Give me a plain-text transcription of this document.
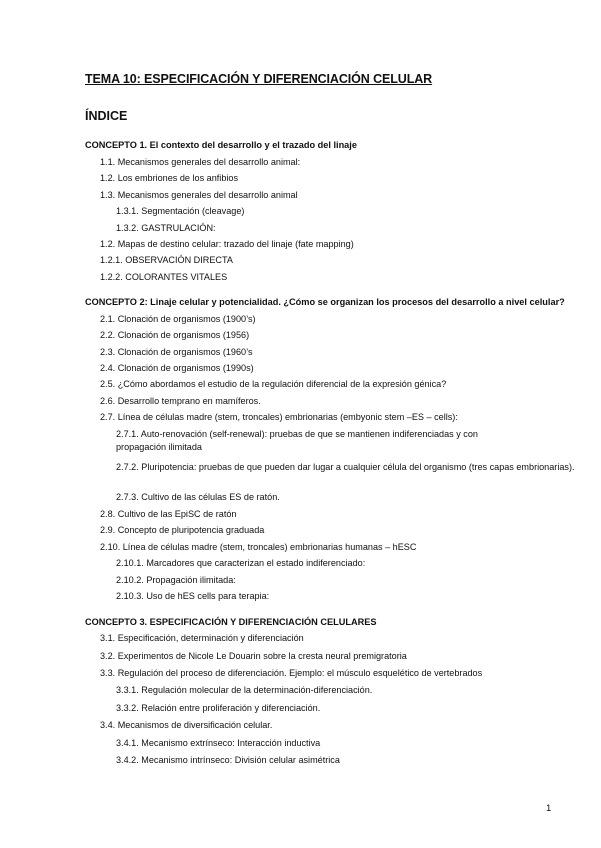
TEMA 10: ESPECIFICACIÓN Y DIFERENCIACIÓN CELULAR
ÍNDICE
CONCEPTO 1. El contexto del desarrollo y el trazado del linaje
1.1. Mecanismos generales del desarrollo animal:
1.2. Los embriones de los anfibios
1.3. Mecanismos generales del desarrollo animal
1.3.1. Segmentación (cleavage)
1.3.2. GASTRULACIÓN:
1.2. Mapas de destino celular: trazado del linaje (fate mapping)
1.2.1. OBSERVACIÓN DIRECTA
1.2.2. COLORANTES VITALES
CONCEPTO 2: Linaje celular y potencialidad. ¿Cómo se organizan los procesos del desarrollo a nivel celular?
2.1. Clonación de organismos (1900’s)
2.2. Clonación de organismos (1956)
2.3. Clonación de organismos (1960’s
2.4. Clonación de organismos (1990s)
2.5. ¿Cómo abordamos el estudio de la regulación diferencial de la expresión génica?
2.6. Desarrollo temprano en mamíferos.
2.7. Línea de células madre (stem, troncales) embrionarias (embyonic stem –ES – cells):
2.7.1. Auto-renovación (self-renewal): pruebas de que se mantienen indiferenciadas y con propagación ilimitada
2.7.2. Pluripotencia: pruebas de que pueden dar lugar a cualquier célula del organismo (tres capas embrionarias).
2.7.3. Cultivo de las células ES de ratón.
2.8. Cultivo de las EpiSC de ratón
2.9. Concepto de pluripotencia graduada
2.10. Línea de células madre (stem, troncales) embrionarias humanas – hESC
2.10.1. Marcadores que caracterizan el estado indiferenciado:
2.10.2. Propagación ilimitada:
2.10.3. Uso de hES cells para terapia:
CONCEPTO 3. ESPECIFICACIÓN Y DIFERENCIACIÓN CELULARES
3.1. Especificación, determinación y diferenciación
3.2. Experimentos de Nicole Le Douarin sobre la cresta neural premigratoria
3.3. Regulación del proceso de diferenciación. Ejemplo: el músculo esquelético de vertebrados
3.3.1. Regulación molecular de la determinación-diferenciación.
3.3.2. Relación entre proliferación y diferenciación.
3.4. Mecanismos de diversificación celular.
3.4.1. Mecanismo extrínseco: Interacción inductiva
3.4.2. Mecanismo intrínseco: División celular asimétrica
1
